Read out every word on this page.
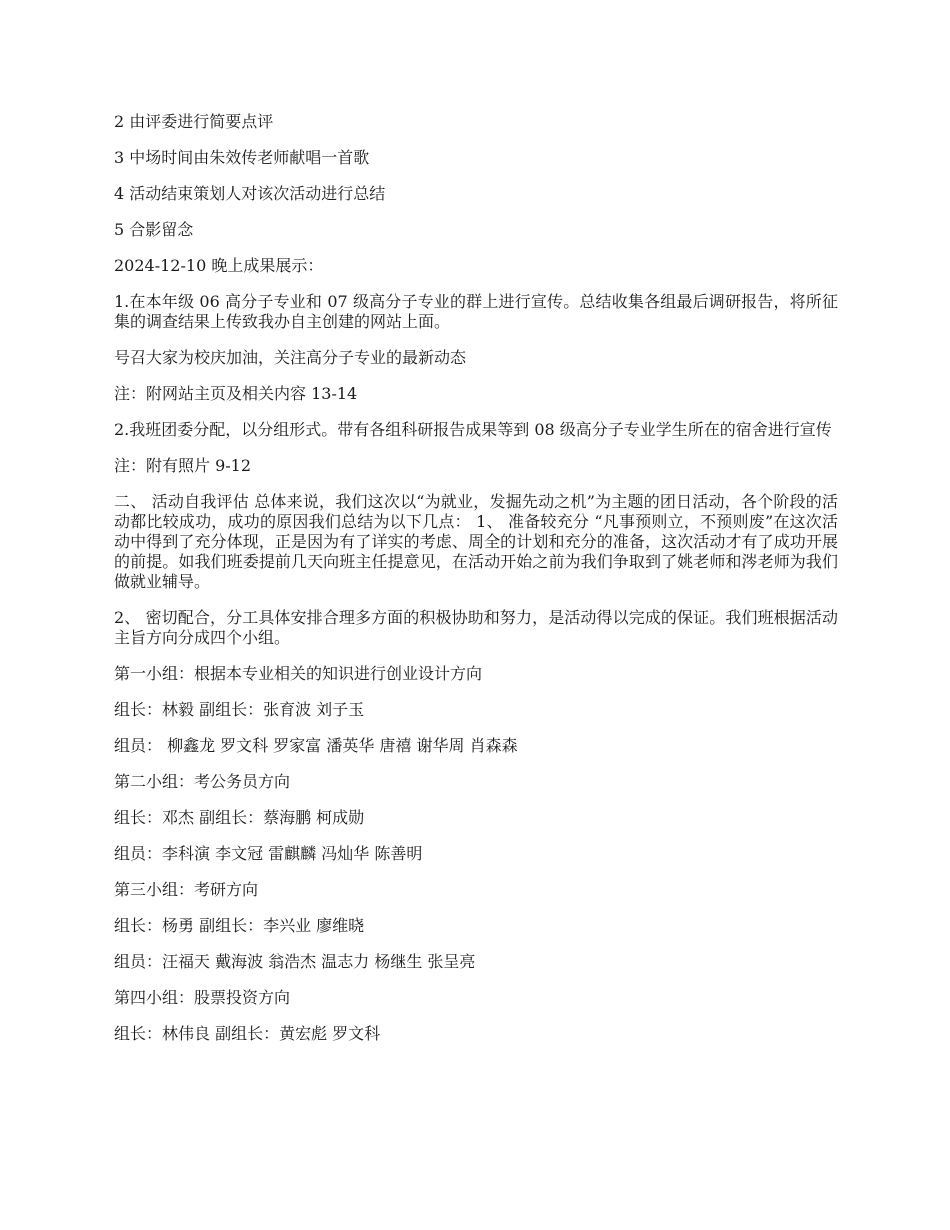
2 由评委进行简要点评

3 中场时间由朱效传老师献唱一首歌

4 活动结束策划人对该次活动进行总结

5 合影留念

2024-12-10 晚上成果展示：

1.在本年级 06 高分子专业和 07 级高分子专业的群上进行宣传。总结收集各组最后调研报告，将所征集的调查结果上传致我办自主创建的网站上面。

号召大家为校庆加油，关注高分子专业的最新动态

注：附网站主页及相关内容 13-14

2.我班团委分配，以分组形式。带有各组科研报告成果等到 08 级高分子专业学生所在的宿舍进行宣传

注：附有照片 9-12

二、 活动自我评估 总体来说，我们这次以“为就业，发掘先动之机”为主题的团日活动，各个阶段的活动都比较成功，成功的原因我们总结为以下几点： 1、 准备较充分 “凡事预则立，不预则废”在这次活动中得到了充分体现，正是因为有了详实的考虑、周全的计划和充分的准备，这次活动才有了成功开展的前提。如我们班委提前几天向班主任提意见，在活动开始之前为我们争取到了姚老师和涔老师为我们做就业辅导。

2、 密切配合，分工具体安排合理多方面的积极协助和努力，是活动得以完成的保证。我们班根据活动主旨方向分成四个小组。

第一小组：根据本专业相关的知识进行创业设计方向

组长：林毅 副组长：张育波 刘子玉

组员： 柳鑫龙 罗文科 罗家富 潘英华 唐禧 谢华周 肖森森

第二小组：考公务员方向

组长：邓杰 副组长：蔡海鹏 柯成勋

组员：李科演 李文冠 雷麒麟 冯灿华 陈善明

第三小组：考研方向

组长：杨勇 副组长：李兴业 廖维晓

组员：汪福天 戴海波 翁浩杰 温志力 杨继生 张呈亮

第四小组：股票投资方向

组长：林伟良 副组长：黄宏彪 罗文科
